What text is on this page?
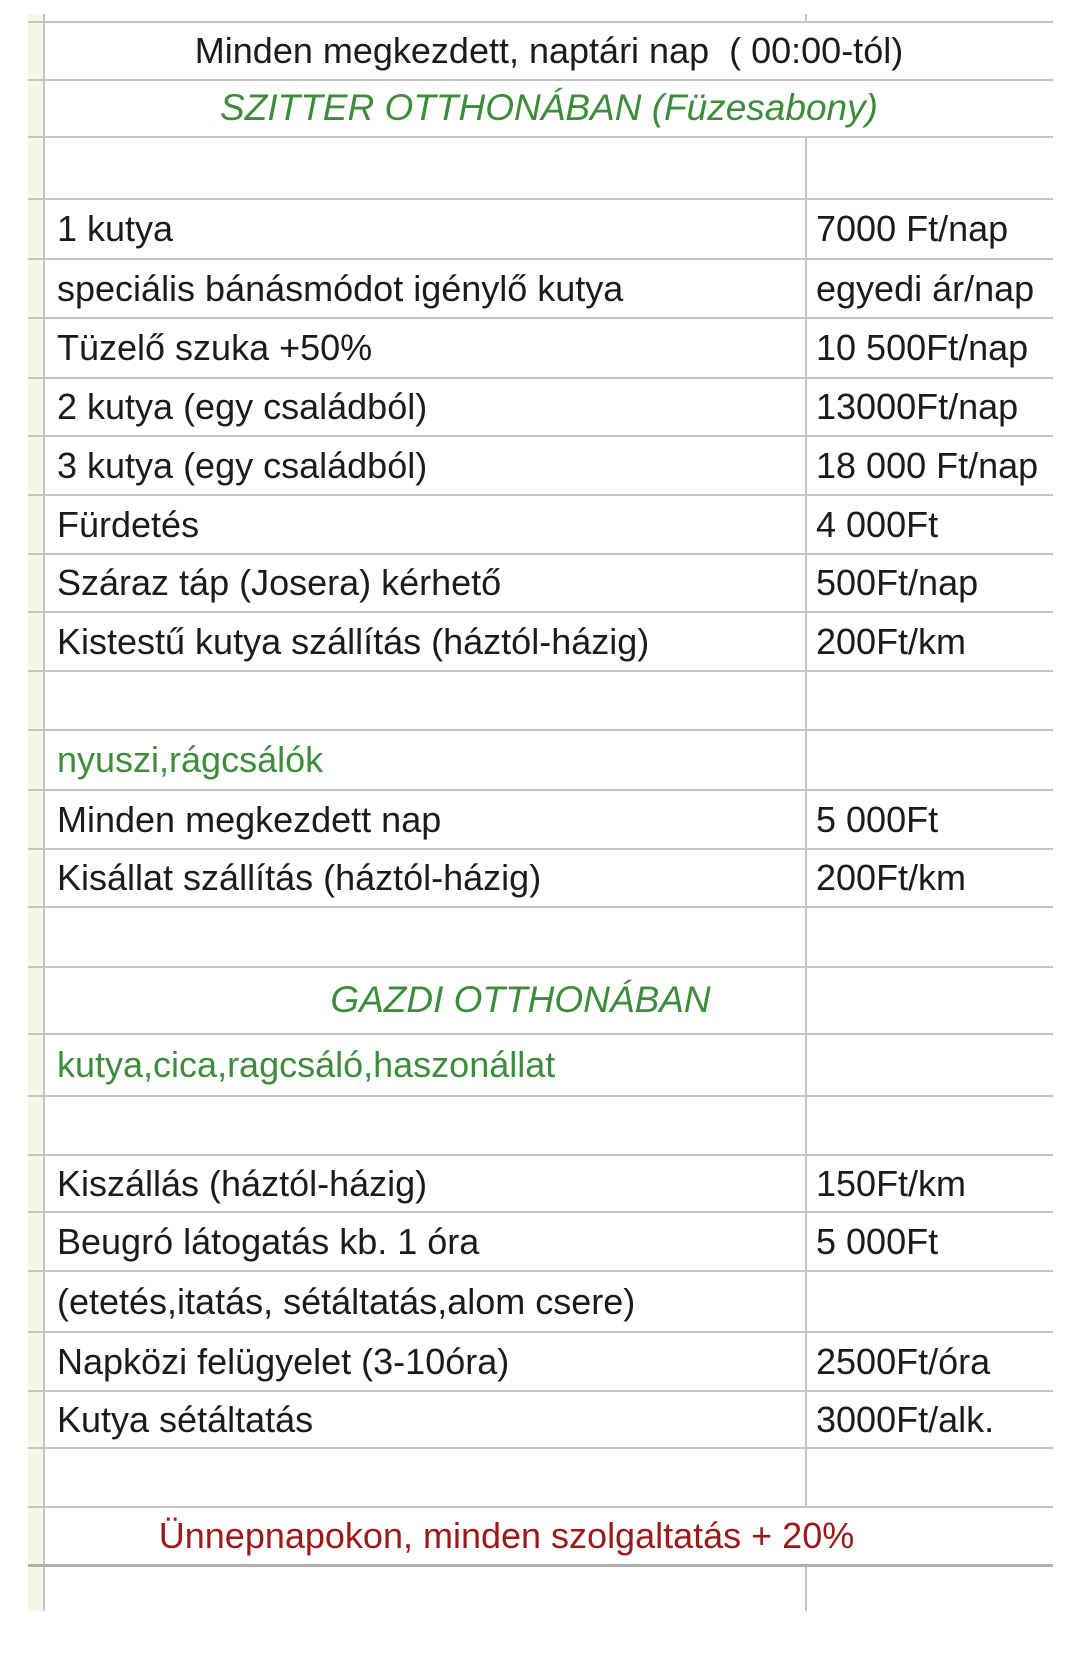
Minden megkezdett, naptári nap  ( 00:00-tól)
SZITTER OTTHONÁBAN (Füzesabony)
1 kutya	7000 Ft/nap
speciális bánásmódot igénylő kutya	egyedi ár/nap
Tüzelő szuka +50%	10 500Ft/nap
2 kutya (egy családból)	13000Ft/nap
3 kutya (egy családból)	18 000 Ft/nap
Fürdetés	4 000Ft
Száraz táp (Josera) kérhető	500Ft/nap
Kistestű kutya szállítás (háztól-házig)	200Ft/km
nyuszi,rágcsálók
Minden megkezdett nap	5 000Ft
Kisállat szállítás (háztól-házig)	200Ft/km
GAZDI OTTHONÁBAN
kutya,cica,ragcsáló,haszonállat
Kiszállás (háztól-házig)	150Ft/km
Beugró látogatás kb. 1 óra	5 000Ft
(etetés,itatás, sétáltatás,alom csere)
Napközi felügyelet (3-10óra)	2500Ft/óra
Kutya sétáltatás	3000Ft/alk.
Ünnepnapokon, minden szolgaltatás + 20%
